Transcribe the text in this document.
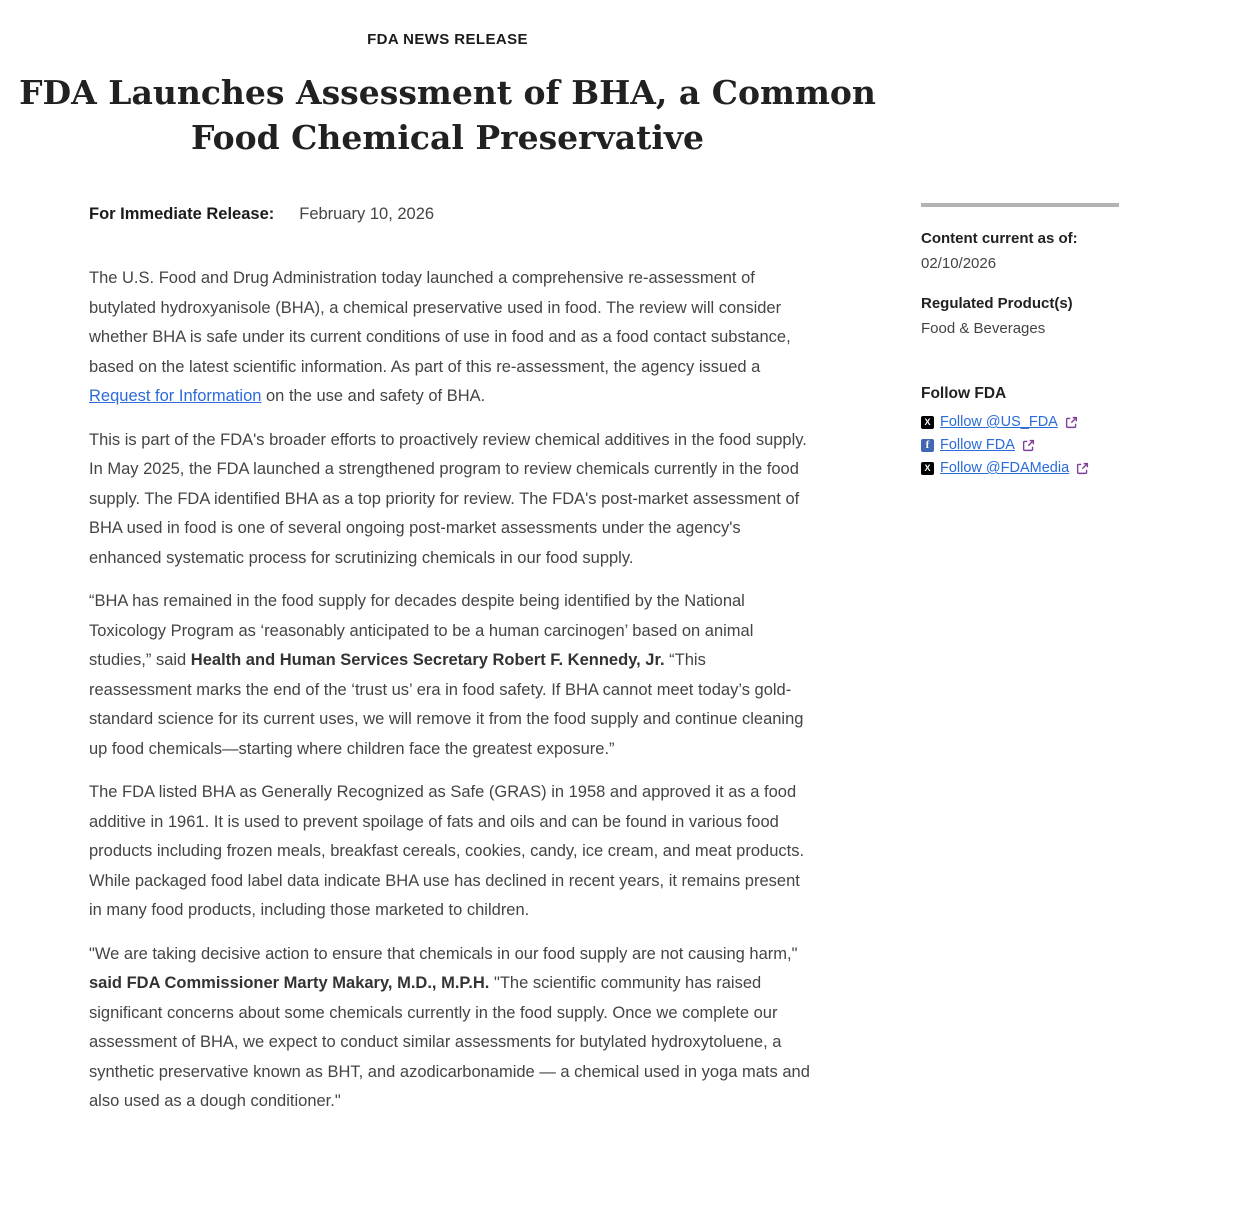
FDA NEWS RELEASE
FDA Launches Assessment of BHA, a Common
Food Chemical Preservative
For Immediate Release: February 10, 2026

The U.S. Food and Drug Administration today launched a comprehensive re-assessment of butylated hydroxyanisole (BHA), a chemical preservative used in food. The review will consider whether BHA is safe under its current conditions of use in food and as a food contact substance, based on the latest scientific information. As part of this re-assessment, the agency issued a Request for Information on the use and safety of BHA.

This is part of the FDA's broader efforts to proactively review chemical additives in the food supply. In May 2025, the FDA launched a strengthened program to review chemicals currently in the food supply. The FDA identified BHA as a top priority for review. The FDA's post-market assessment of BHA used in food is one of several ongoing post-market assessments under the agency's enhanced systematic process for scrutinizing chemicals in our food supply.

“BHA has remained in the food supply for decades despite being identified by the National Toxicology Program as ‘reasonably anticipated to be a human carcinogen’ based on animal studies,” said Health and Human Services Secretary Robert F. Kennedy, Jr. “This reassessment marks the end of the ‘trust us’ era in food safety. If BHA cannot meet today’s gold-standard science for its current uses, we will remove it from the food supply and continue cleaning up food chemicals—starting where children face the greatest exposure.”

The FDA listed BHA as Generally Recognized as Safe (GRAS) in 1958 and approved it as a food additive in 1961. It is used to prevent spoilage of fats and oils and can be found in various food products including frozen meals, breakfast cereals, cookies, candy, ice cream, and meat products. While packaged food label data indicate BHA use has declined in recent years, it remains present in many food products, including those marketed to children.

"We are taking decisive action to ensure that chemicals in our food supply are not causing harm," said FDA Commissioner Marty Makary, M.D., M.P.H. "The scientific community has raised significant concerns about some chemicals currently in the food supply. Once we complete our assessment of BHA, we expect to conduct similar assessments for butylated hydroxytoluene, a synthetic preservative known as BHT, and azodicarbonamide — a chemical used in yoga mats and also used as a dough conditioner."

Content current as of:
02/10/2026
Regulated Product(s)
Food & Beverages
Follow FDA
X Follow @US_FDA
f Follow FDA
X Follow @FDAMedia
